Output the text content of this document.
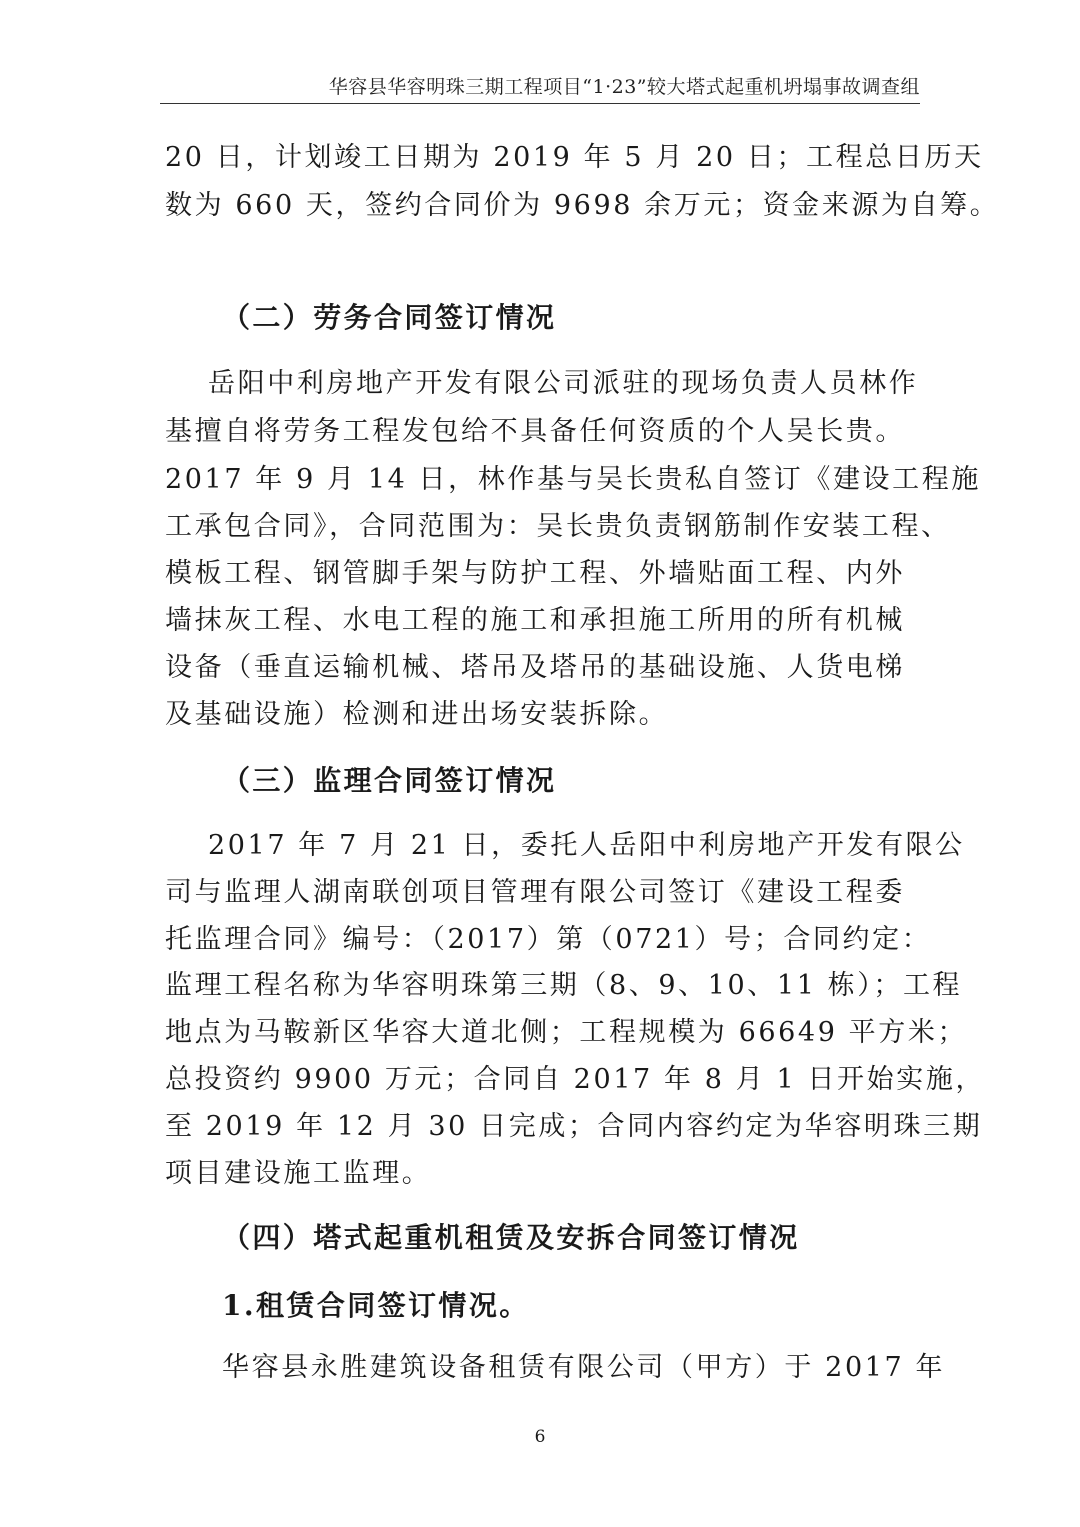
华容县华容明珠三期工程项目“1·23”较大塔式起重机坍塌事故调查组
20 日，计划竣工日期为 2019 年 5 月 20 日；工程总日历天
数为 660 天，签约合同价为 9698 余万元；资金来源为自筹。
（二）劳务合同签订情况
岳阳中利房地产开发有限公司派驻的现场负责人员林作
基擅自将劳务工程发包给不具备任何资质的个人吴长贵。
2017 年 9 月 14 日，林作基与吴长贵私自签订《建设工程施
工承包合同》，合同范围为：吴长贵负责钢筋制作安装工程、
模板工程、钢管脚手架与防护工程、外墙贴面工程、内外
墙抹灰工程、水电工程的施工和承担施工所用的所有机械
设备（垂直运输机械、塔吊及塔吊的基础设施、人货电梯
及基础设施）检测和进出场安装拆除。
（三）监理合同签订情况
2017 年 7 月 21 日，委托人岳阳中利房地产开发有限公
司与监理人湖南联创项目管理有限公司签订《建设工程委
托监理合同》编号：（2017）第（0721）号；合同约定：
监理工程名称为华容明珠第三期（8、9、10、11 栋）；工程
地点为马鞍新区华容大道北侧；工程规模为 66649 平方米；
总投资约 9900 万元；合同自 2017 年 8 月 1 日开始实施，
至 2019 年 12 月 30 日完成；合同内容约定为华容明珠三期
项目建设施工监理。
（四）塔式起重机租赁及安拆合同签订情况
1.租赁合同签订情况。
华容县永胜建筑设备租赁有限公司（甲方）于 2017 年
6
